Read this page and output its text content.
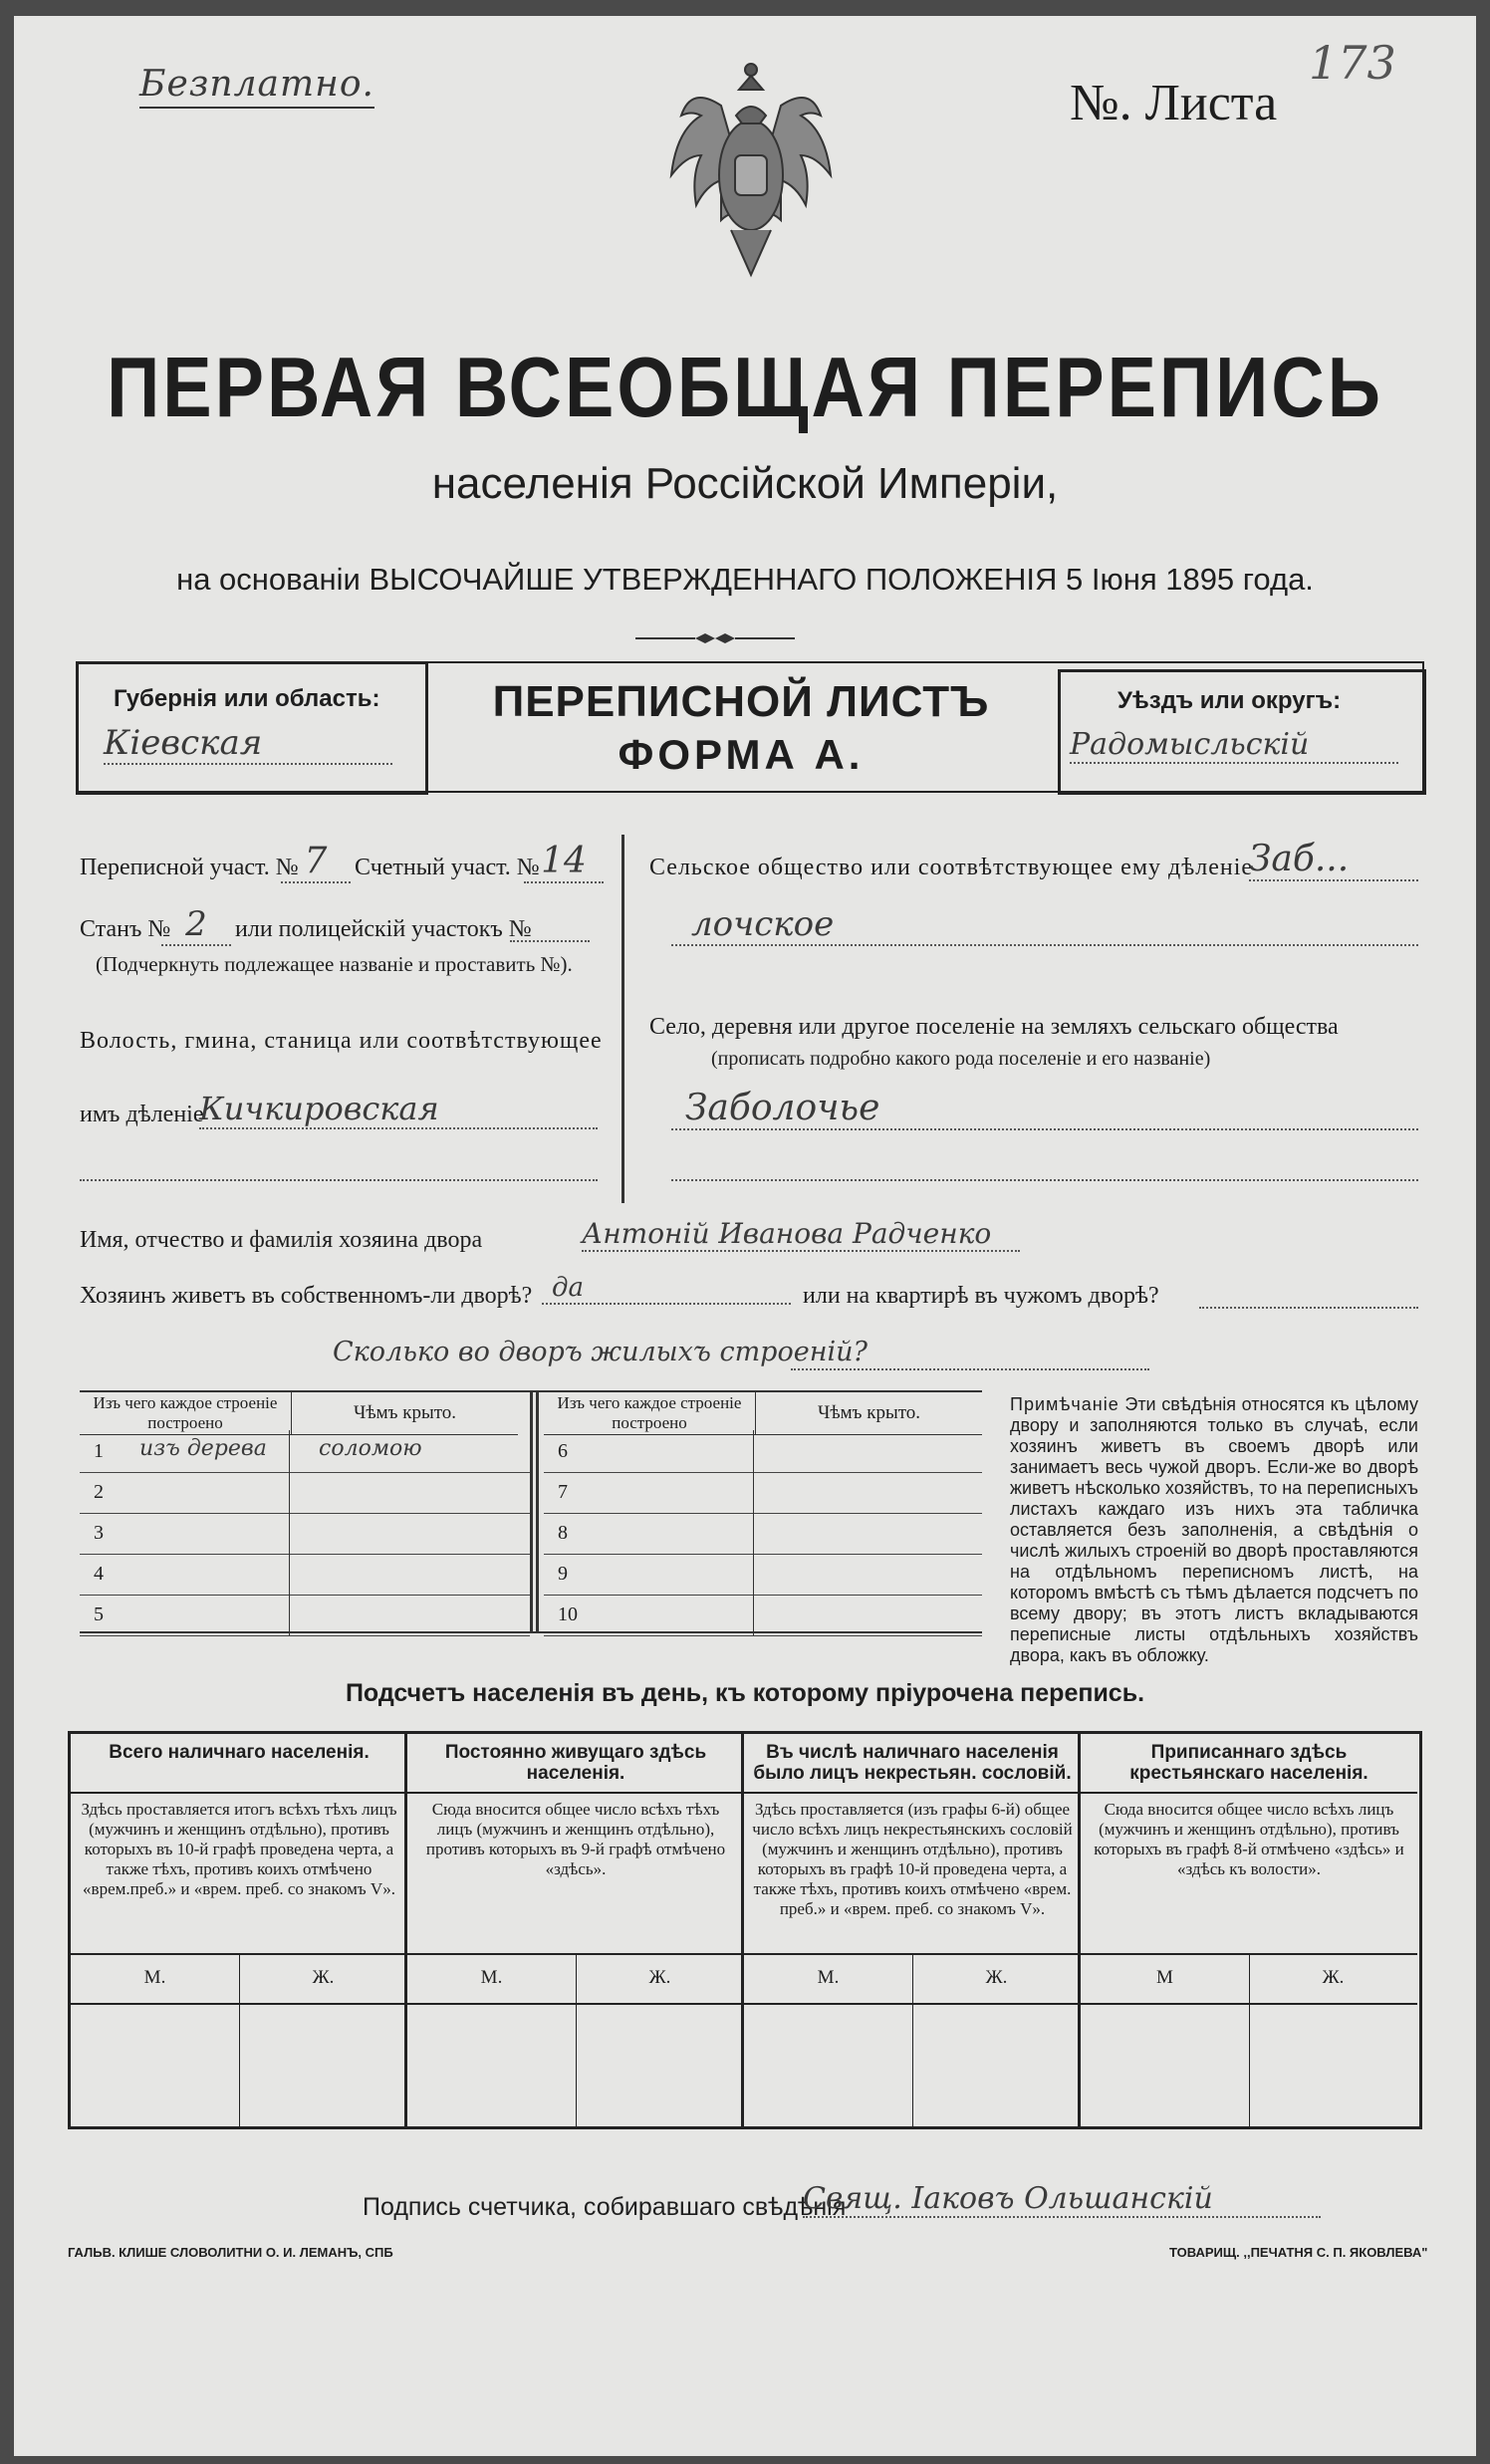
Безплатно.	№. Листа
173
ПЕРВАЯ ВСЕОБЩАЯ ПЕРЕПИСЬ
населенія Россійской Имперіи,
на основаніи ВЫСОЧАЙШЕ УТВЕРЖДЕННАГО ПОЛОЖЕНІЯ 5 Іюня 1895 года.
Губернія или область:
Кіевская
ПЕРЕПИСНОЙ ЛИСТЪ
ФОРМА А.
Уѣздъ или округъ:
Радомысльскій
Переписной участ. № 7	Счетный участ. № 14
Станъ № 2	или полицейскій участокъ №
(Подчеркнуть подлежащее названіе и проставить №).
Волость, гмина, станица или соотвѣтствующее
имъ дѣленіе
Кичкировская
Сельское общество или соотвѣтствующее ему дѣленіе
Заб...
лочское
Село, деревня или другое поселеніе на земляхъ сельскаго общества
(прописать подробно какого рода поселеніе и его названіе)
Заболочье
Имя, отчество и фамилія хозяина двора	Антоній Иванова Радченко
Хозяинъ живетъ въ собственномъ-ли дворѣ? да	или на квартирѣ въ чужомъ дворѣ?
Сколько во дворъ жилыхъ строеній?
Изъ чего каждое строеніе построено	Чѣмъ крыто.	Изъ чего каждое строеніе построено	Чѣмъ крыто.
1 изъ дерева	соломою
2
3
4
5
6
7
8
9
10
Примѣчаніе Эти свѣдѣнія относятся къ цѣлому двору и заполняются только въ случаѣ, если хозяинъ живетъ въ своемъ дворѣ или занимаетъ весь чужой дворъ. Если-же во дворѣ живетъ нѣсколько хозяйствъ, то на переписныхъ листахъ каждаго изъ нихъ эта табличка оставляется безъ заполненія, а свѣдѣнія о числѣ жилыхъ строеній во дворѣ проставляются на отдѣльномъ переписномъ листѣ, на которомъ вмѣстѣ съ тѣмъ дѣлается подсчетъ по всему двору; въ этотъ листъ вкладываются переписные листы отдѣльныхъ хозяйствъ двора, какъ въ обложку.
Подсчетъ населенія въ день, къ которому пріурочена перепись.
Всего наличнаго населенія.
Здѣсь проставляется итогъ всѣхъ тѣхъ лицъ (мужчинъ и женщинъ отдѣльно), противъ которыхъ въ 10-й графѣ проведена черта, а также тѣхъ, противъ коихъ отмѣчено «врем.преб.» и «врем. преб. со знакомъ V».
М.	Ж.
Постоянно живущаго здѣсь населенія.
Сюда вносится общее число всѣхъ тѣхъ лицъ (мужчинъ и женщинъ отдѣльно), противъ которыхъ въ 9-й графѣ отмѣчено «здѣсь».
М.	Ж.
Въ числѣ наличнаго населенія было лицъ некрестьян. сословій.
Здѣсь проставляется (изъ графы 6-й) общее число всѣхъ лицъ некрестьянскихъ сословій (мужчинъ и женщинъ отдѣльно), противъ которыхъ въ графѣ 10-й проведена черта, а также тѣхъ, противъ коихъ отмѣчено «врем. преб.» и «врем. преб. со знакомъ V».
М.	Ж.
Приписаннаго здѣсь крестьянскаго населенія.
Сюда вносится общее число всѣхъ лицъ (мужчинъ и женщинъ отдѣльно), противъ которыхъ въ графѣ 8-й отмѣчено «здѣсь» и «здѣсь къ волости».
М	Ж.
Подпись счетчика, собиравшаго свѣдѣнія
Свящ. Іаковъ Ольшанскій
ГАЛЬВ. КЛИШЕ СЛОВОЛИТНИ О. И. ЛЕМАНЪ, СПБ	ТОВАРИЩ. ,,ПЕЧАТНЯ С. П. ЯКОВЛЕВА"
